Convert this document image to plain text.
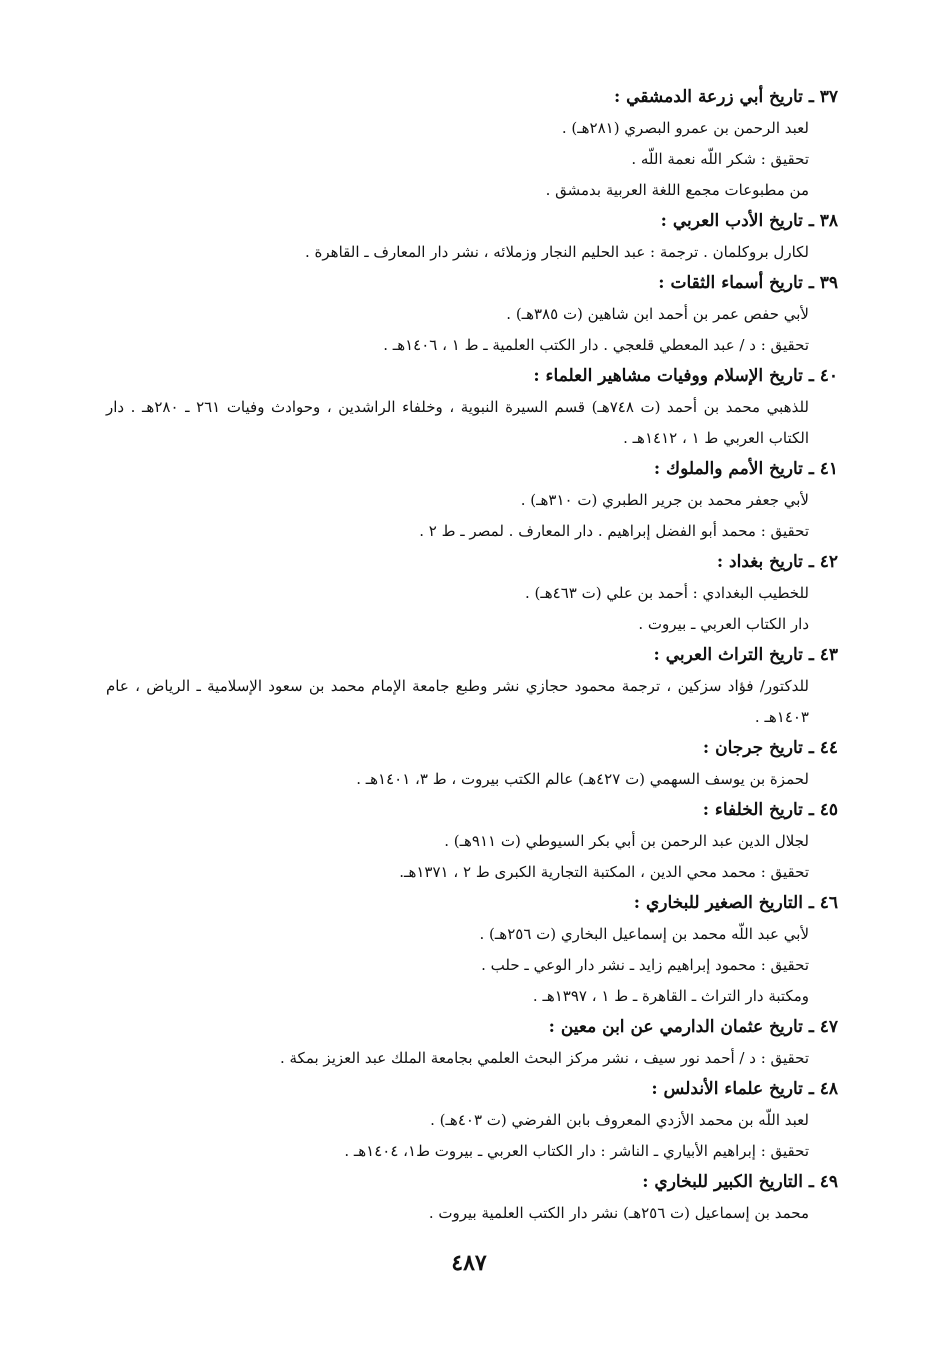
٣٧ ـ تاريخ أبي زرعة الدمشقي :
لعبد الرحمن بن عمرو البصري (٢٨١هـ) .
تحقيق : شكر اللّه نعمة اللّه .
من مطبوعات مجمع اللغة العربية بدمشق .
٣٨ ـ تاريخ الأدب العربي :
لكارل بروكلمان . ترجمة : عبد الحليم النجار وزملائه ، نشر دار المعارف ـ القاهرة .
٣٩ ـ تاريخ أسماء الثقات :
لأبي حفص عمر بن أحمد ابن شاهين (ت ٣٨٥هـ) .
تحقيق : د / عبد المعطي قلعجي . دار الكتب العلمية ـ ط ١ ، ١٤٠٦هـ .
٤٠ ـ تاريخ الإسلام ووفيات مشاهير العلماء :
للذهبي محمد بن أحمد (ت ٧٤٨هـ) قسم السيرة النبوية ، وخلفاء الراشدين ، وحوادث وفيات ٢٦١ ـ ٢٨٠هـ . دار الكتاب العربي ط ١ ، ١٤١٢هـ .
٤١ ـ تاريخ الأمم والملوك :
لأبي جعفر محمد بن جرير الطبري (ت ٣١٠هـ) .
تحقيق : محمد أبو الفضل إبراهيم . دار المعارف . لمصر ـ ط ٢ .
٤٢ ـ تاريخ بغداد :
للخطيب البغدادي : أحمد بن علي (ت ٤٦٣هـ) .
دار الكتاب العربي ـ بيروت .
٤٣ ـ تاريخ التراث العربي :
للدكتور/ فؤاد سزكين ، ترجمة محمود حجازي نشر وطبع جامعة الإمام محمد بن سعود الإسلامية ـ الرياض ، عام ١٤٠٣هـ .
٤٤ ـ تاريخ جرجان :
لحمزة بن يوسف السهمي (ت ٤٢٧هـ) عالم الكتب بيروت ، ط ٣، ١٤٠١هـ .
٤٥ ـ تاريخ الخلفاء :
لجلال الدين عبد الرحمن بن أبي بكر السيوطي (ت ٩١١هـ) .
تحقيق : محمد محي الدين ، المكتبة التجارية الكبرى ط ٢ ، ١٣٧١هـ.
٤٦ ـ التاريخ الصغير للبخاري :
لأبي عبد اللّه محمد بن إسماعيل البخاري (ت ٢٥٦هـ) .
تحقيق : محمود إبراهيم زايد ـ نشر دار الوعي ـ حلب .
ومكتبة دار التراث ـ القاهرة ـ ط ١ ، ١٣٩٧هـ .
٤٧ ـ تاريخ عثمان الدارمي عن ابن معين :
تحقيق : د / أحمد نور سيف ، نشر مركز البحث العلمي بجامعة الملك عبد العزيز بمكة .
٤٨ ـ تاريخ علماء الأندلس :
لعبد اللّه بن محمد الأزدي المعروف بابن الفرضي (ت ٤٠٣هـ) .
تحقيق : إبراهيم الأبياري ـ الناشر : دار الكتاب العربي ـ بيروت ط١، ١٤٠٤هـ .
٤٩ ـ التاريخ الكبير للبخاري :
محمد بن إسماعيل (ت ٢٥٦هـ) نشر دار الكتب العلمية بيروت .
٤٨٧
